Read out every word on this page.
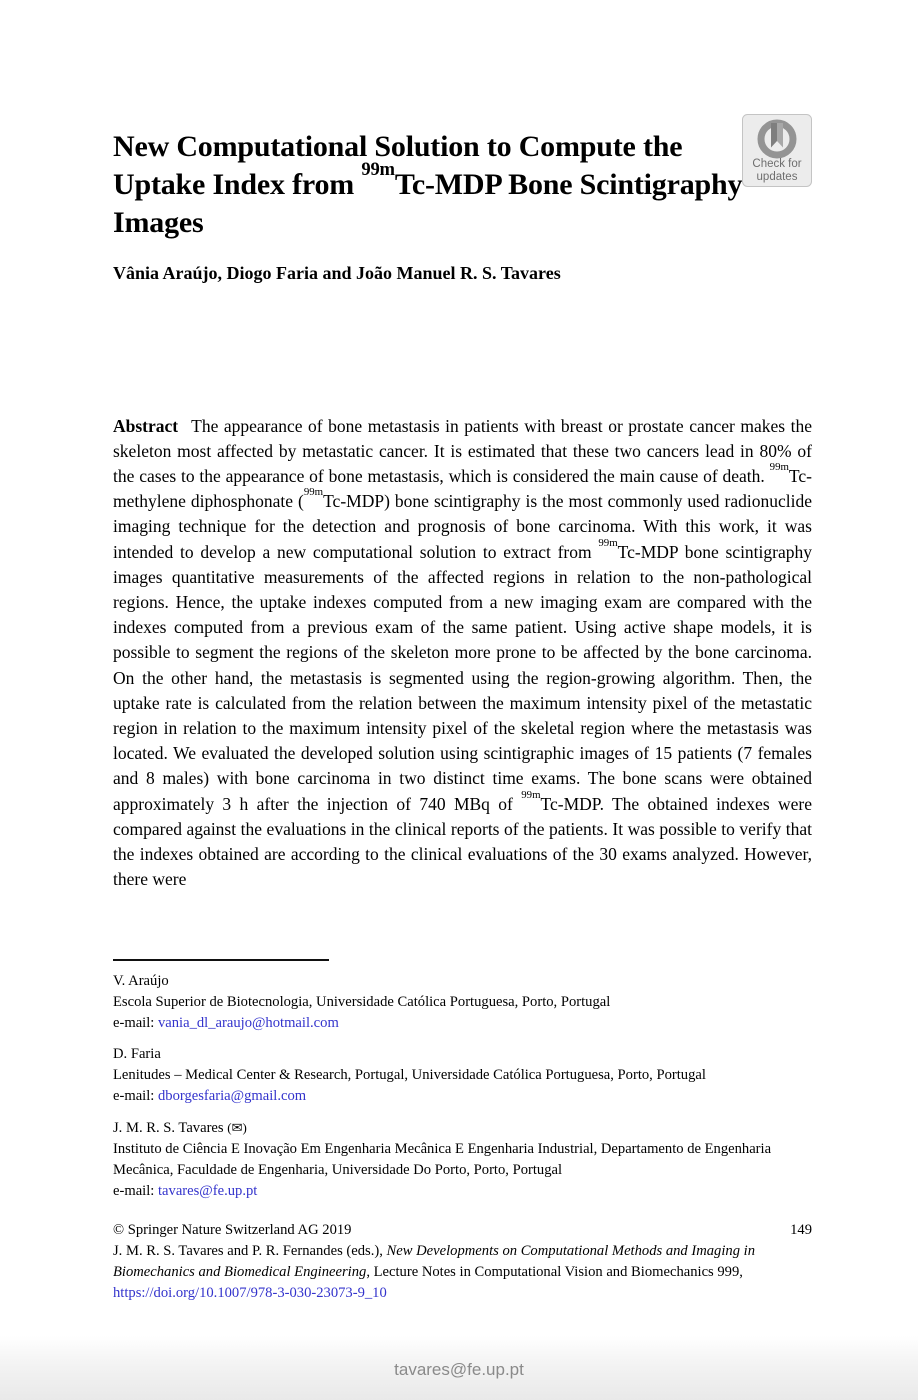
New Computational Solution to Compute the Uptake Index from $^{99m}$Tc-MDP Bone Scintigraphy Images
Check for
updates
Vânia Araújo, Diogo Faria and João Manuel R. S. Tavares

Abstract The appearance of bone metastasis in patients with breast or prostate cancer makes the skeleton most affected by metastatic cancer. It is estimated that these two cancers lead in 80% of the cases to the appearance of bone metastasis, which is considered the main cause of death. $^{99m}$Tc-methylene diphosphonate ($^{99m}$Tc-MDP) bone scintigraphy is the most commonly used radionuclide imaging technique for the detection and prognosis of bone carcinoma. With this work, it was intended to develop a new computational solution to extract from $^{99m}$Tc-MDP bone scintigraphy images quantitative measurements of the affected regions in relation to the non-pathological regions. Hence, the uptake indexes computed from a new imaging exam are compared with the indexes computed from a previous exam of the same patient. Using active shape models, it is possible to segment the regions of the skeleton more prone to be affected by the bone carcinoma. On the other hand, the metastasis is segmented using the region-growing algorithm. Then, the uptake rate is calculated from the relation between the maximum intensity pixel of the metastatic region in relation to the maximum intensity pixel of the skeletal region where the metastasis was located. We evaluated the developed solution using scintigraphic images of 15 patients (7 females and 8 males) with bone carcinoma in two distinct time exams. The bone scans were obtained approximately 3 h after the injection of 740 MBq of $^{99m}$Tc-MDP. The obtained indexes were compared against the evaluations in the clinical reports of the patients. It was possible to verify that the indexes obtained are according to the clinical evaluations of the 30 exams analyzed. However, there were

V. Araújo
Escola Superior de Biotecnologia, Universidade Católica Portuguesa, Porto, Portugal
e-mail: vania_dl_araujo@hotmail.com
D. Faria
Lenitudes – Medical Center & Research, Portugal, Universidade Católica Portuguesa, Porto, Portugal
e-mail: dborgesfaria@gmail.com
J. M. R. S. Tavares (✉)
Instituto de Ciência E Inovação Em Engenharia Mecânica E Engenharia Industrial, Departamento de Engenharia Mecânica, Faculdade de Engenharia, Universidade Do Porto, Porto, Portugal
e-mail: tavares@fe.up.pt
© Springer Nature Switzerland AG 2019	149
J. M. R. S. Tavares and P. R. Fernandes (eds.), New Developments on Computational Methods and Imaging in Biomechanics and Biomedical Engineering, Lecture Notes in Computational Vision and Biomechanics 999, https://doi.org/10.1007/978-3-030-23073-9_10
tavares@fe.up.pt
